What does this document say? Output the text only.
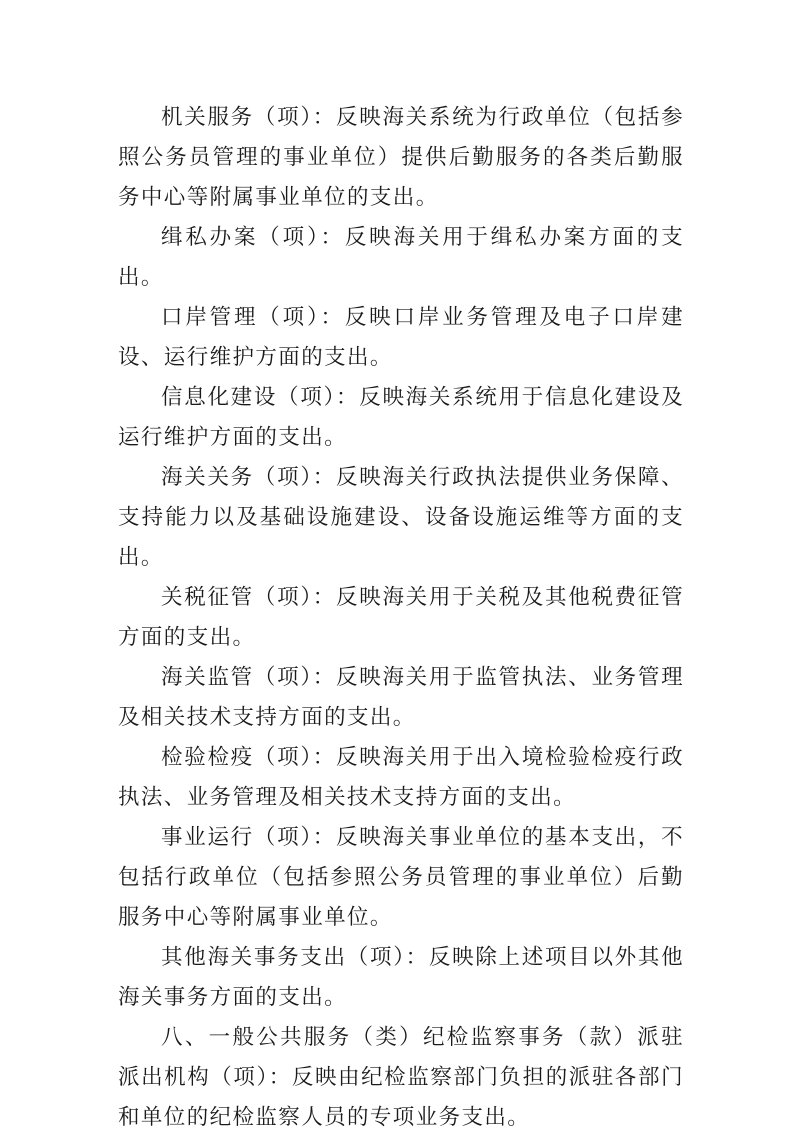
机关服务（项）：反映海关系统为行政单位（包括参照公务员管理的事业单位）提供后勤服务的各类后勤服务中心等附属事业单位的支出。

缉私办案（项）：反映海关用于缉私办案方面的支出。

口岸管理（项）：反映口岸业务管理及电子口岸建设、运行维护方面的支出。

信息化建设（项）：反映海关系统用于信息化建设及运行维护方面的支出。

海关关务（项）：反映海关行政执法提供业务保障、支持能力以及基础设施建设、设备设施运维等方面的支出。

关税征管（项）：反映海关用于关税及其他税费征管方面的支出。

海关监管（项）：反映海关用于监管执法、业务管理及相关技术支持方面的支出。

检验检疫（项）：反映海关用于出入境检验检疫行政执法、业务管理及相关技术支持方面的支出。

事业运行（项）：反映海关事业单位的基本支出，不包括行政单位（包括参照公务员管理的事业单位）后勤服务中心等附属事业单位。

其他海关事务支出（项）：反映除上述项目以外其他海关事务方面的支出。

八、一般公共服务（类）纪检监察事务（款）派驻派出机构（项）：反映由纪检监察部门负担的派驻各部门和单位的纪检监察人员的专项业务支出。
